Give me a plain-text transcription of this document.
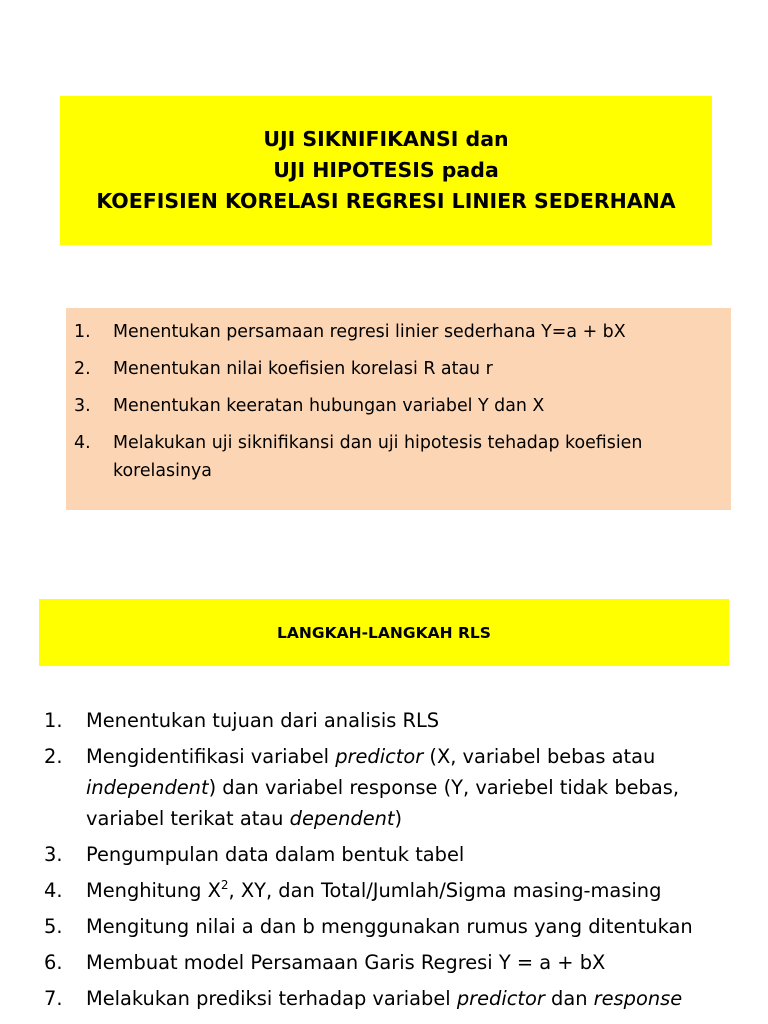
UJI SIKNIFIKANSI dan
UJI HIPOTESIS pada
KOEFISIEN KORELASI REGRESI LINIER SEDERHANA
1.	Menentukan persamaan regresi linier sederhana Y=a + bX
2.	Menentukan nilai koefisien korelasi R atau r
3.	Menentukan keeratan hubungan variabel Y dan X
4.	Melakukan uji siknifikansi dan uji hipotesis tehadap koefisien korelasinya
LANGKAH-LANGKAH RLS
1.	Menentukan tujuan dari analisis RLS
2.	Mengidentifikasi variabel predictor (X, variabel bebas atau independent) dan variabel response (Y, variebel tidak bebas, variabel terikat atau dependent)
3.	Pengumpulan data dalam bentuk tabel
4.	Menghitung $X^2$, XY, dan Total/Jumlah/Sigma masing-masing
5.	Mengitung nilai a dan b menggunakan rumus yang ditentukan
6.	Membuat model Persamaan Garis Regresi Y = a + bX
7.	Melakukan prediksi terhadap variabel predictor dan response
